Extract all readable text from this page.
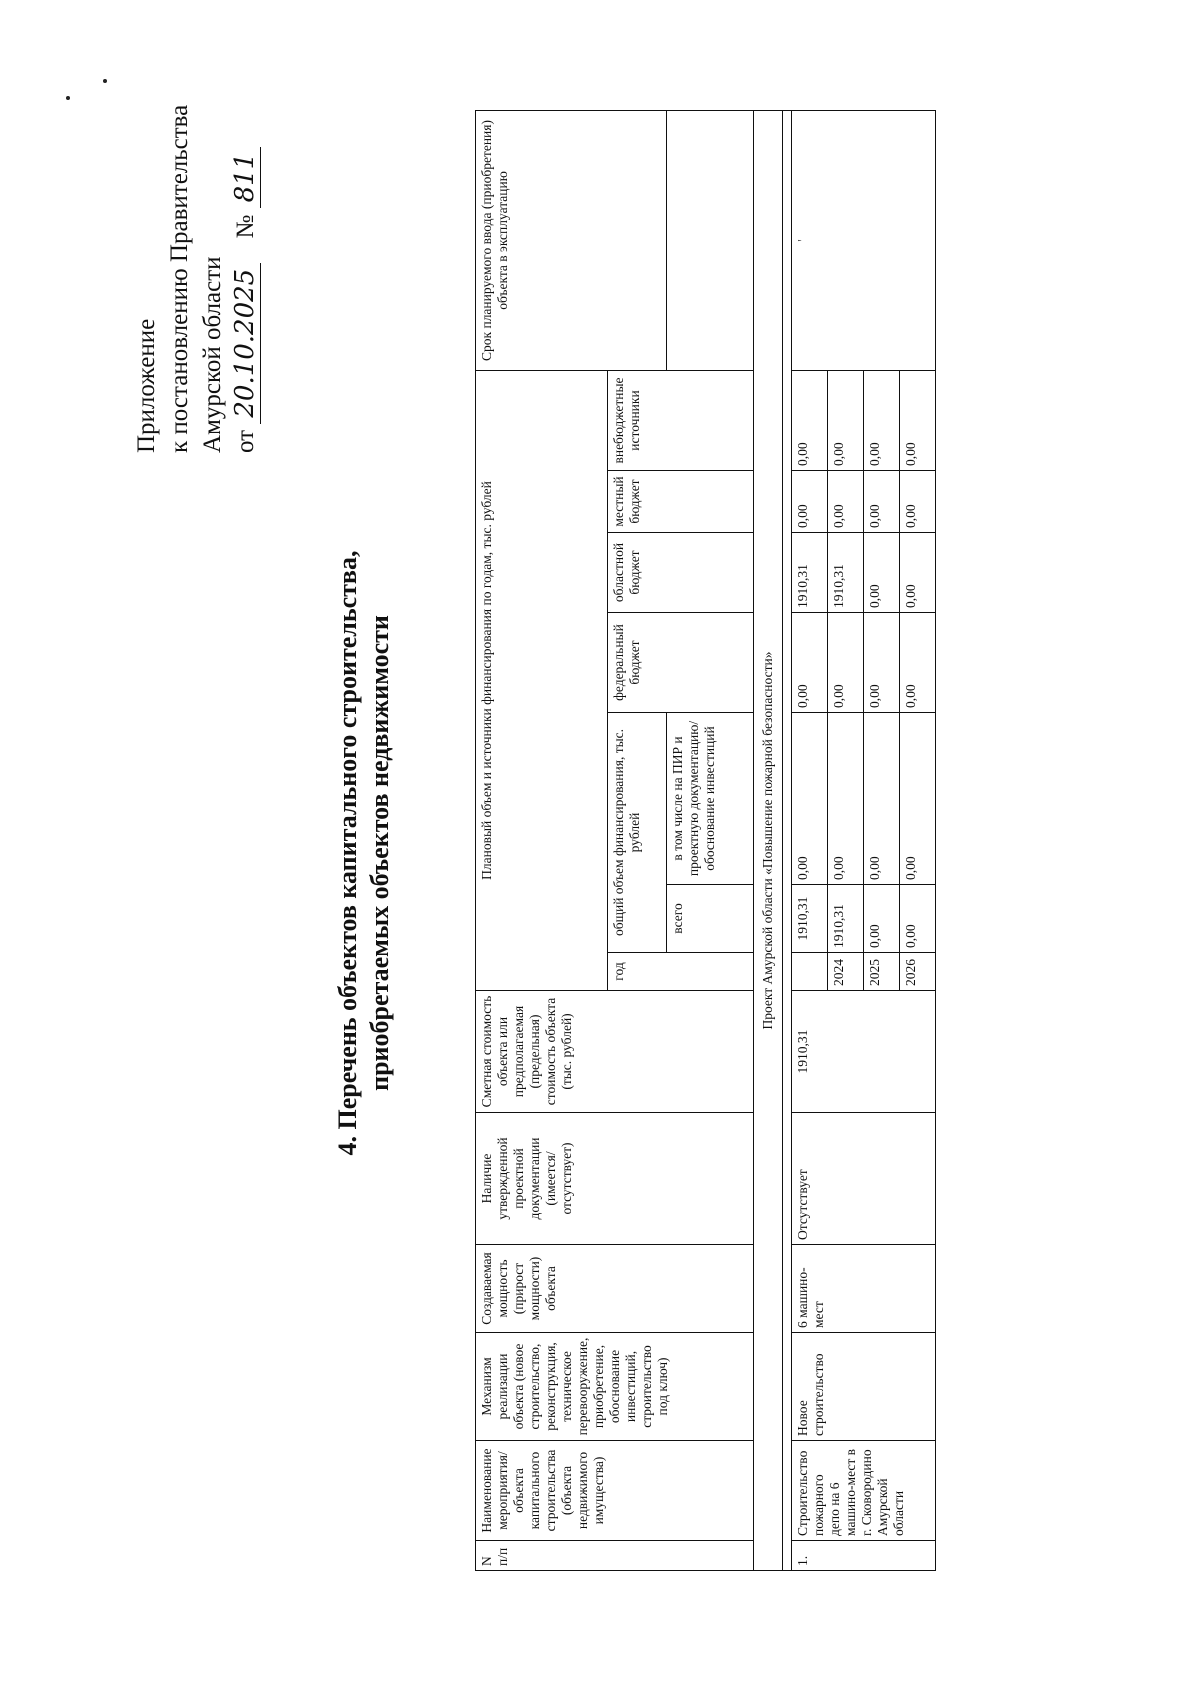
Приложение к постановлению Правительства Амурской области от 20.10.2025 № 811
4. Перечень объектов капитального строительства, приобретаемых объектов недвижимости
N п/п	Наименование мероприятия/ объекта капитального строительства (объекта недвижимого имущества)	Механизм реализации объекта (новое строительство, реконструкция, техническое перевооружение, приобретение, обоснование инвестиций, строительство под ключ)	Создаваемая мощность (прирост мощности) объекта	Наличие утвержденной проектной документации (имеется/отсутствует)	Сметная стоимость объекта или предполагаемая (предельная) стоимость объекта (тыс. рублей)	Плановый объем и источники финансирования по годам, тыс. рублей							Срок планируемого ввода (приобретения) объекта в эксплуатацию
						год	общий объем финансирования, тыс. рублей		федеральный бюджет	областной бюджет	местный бюджет	внебюджетные источники	
							всего	в том числе на ПИР и проектную документацию/обоснование инвестиций					
Проект Амурской области «Повышение пожарной безопасности»													

1.	Строительство пожарного депо на 6 машино-мест в г. Сковородино Амурской области	Новое строительство	6 машино-мест	Отсутствует	1910,31		1910,31	0,00	0,00	1910,31	0,00	0,00	'
						2024	1910,31	0,00	0,00	1910,31	0,00	0,00	
						2025	0,00	0,00	0,00	0,00	0,00	0,00	
						2026	0,00	0,00	0,00	0,00	0,00	0,00	
